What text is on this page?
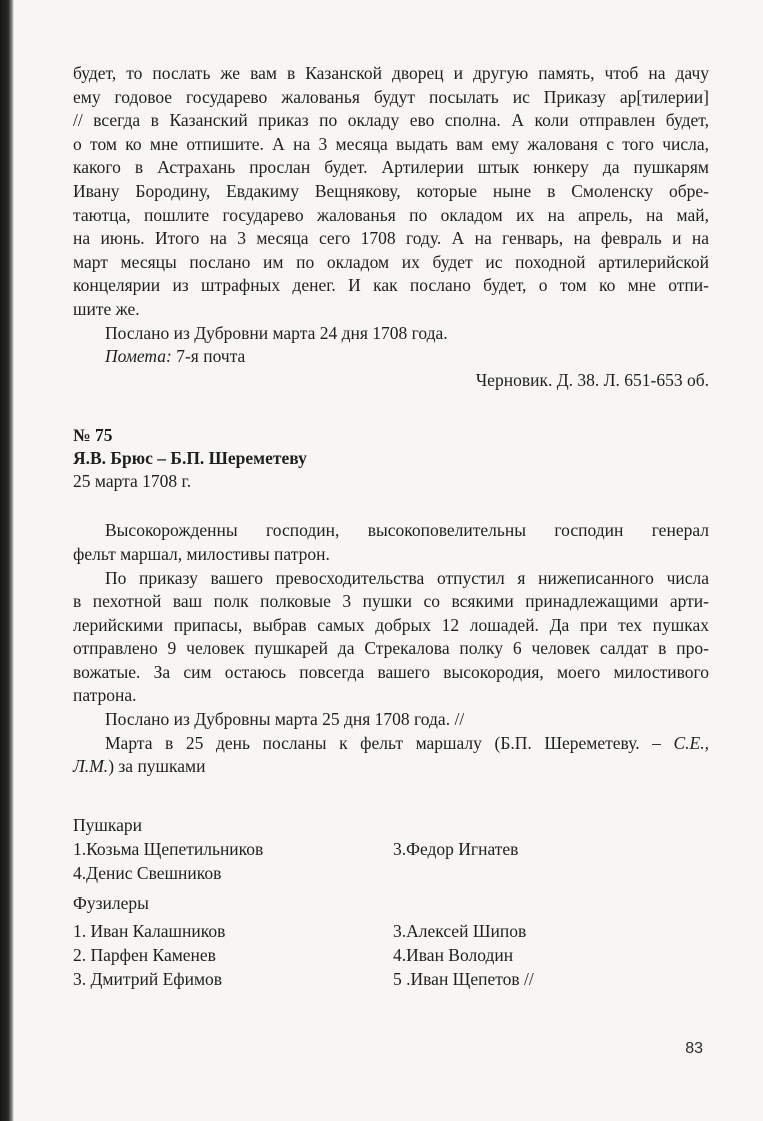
будет, то послать же вам в Казанской дворец и другую память, чтоб на дачу
ему годовое государево жалованья будут посылать ис Приказу ар[тилерии]
// всегда в Казанский приказ по окладу ево сполна. А коли отправлен будет,
о том ко мне отпишите. А на 3 месяца выдать вам ему жалованя с того числа,
какого в Астрахань прослан будет. Артилерии штык юнкеру да пушкарям
Ивану Бородину, Евдакиму Вещнякову, которые ныне в Смоленску обре-
таютца, пошлите государево жалованья по окладом их на апрель, на май,
на июнь. Итого на 3 месяца сего 1708 году. А на генварь, на февраль и на
март месяцы послано им по окладом их будет ис походной артилерийской
концелярии из штрафных денег. И как послано будет, о том ко мне отпи-
шите же.
Послано из Дубровни марта 24 дня 1708 года.
Помета: 7-я почта

Черновик. Д. 38. Л. 651-653 об.

№ 75
Я.В. Брюс – Б.П. Шереметеву
25 марта 1708 г.
Высокорожденны господин, высокоповелительны господин генерал
фельт маршал, милостивы патрон.
По приказу вашего превосходительства отпустил я нижеписанного числа
в пехотной ваш полк полковые 3 пушки со всякими принадлежащими арти-
лерийскими припасы, выбрав самых добрых 12 лошадей. Да при тех пушках
отправлено 9 человек пушкарей да Стрекалова полку 6 человек салдат в про-
вожатые. За сим остаюсь повсегда вашего высокородия, моего милостивого
патрона.
Послано из Дубровны марта 25 дня 1708 года. //
Марта в 25 день посланы к фельт маршалу (Б.П. Шереметеву. – С.Е.,
Л.М.) за пушками
Пушкари
1.Козьма Щепетильников	3.Федор Игнатев
4.Денис Свешников
Фузилеры
1. Иван Калашников	3.Алексей Шипов
2. Парфен Каменев	4.Иван Володин
3. Дмитрий Ефимов	5 .Иван Щепетов //
83
